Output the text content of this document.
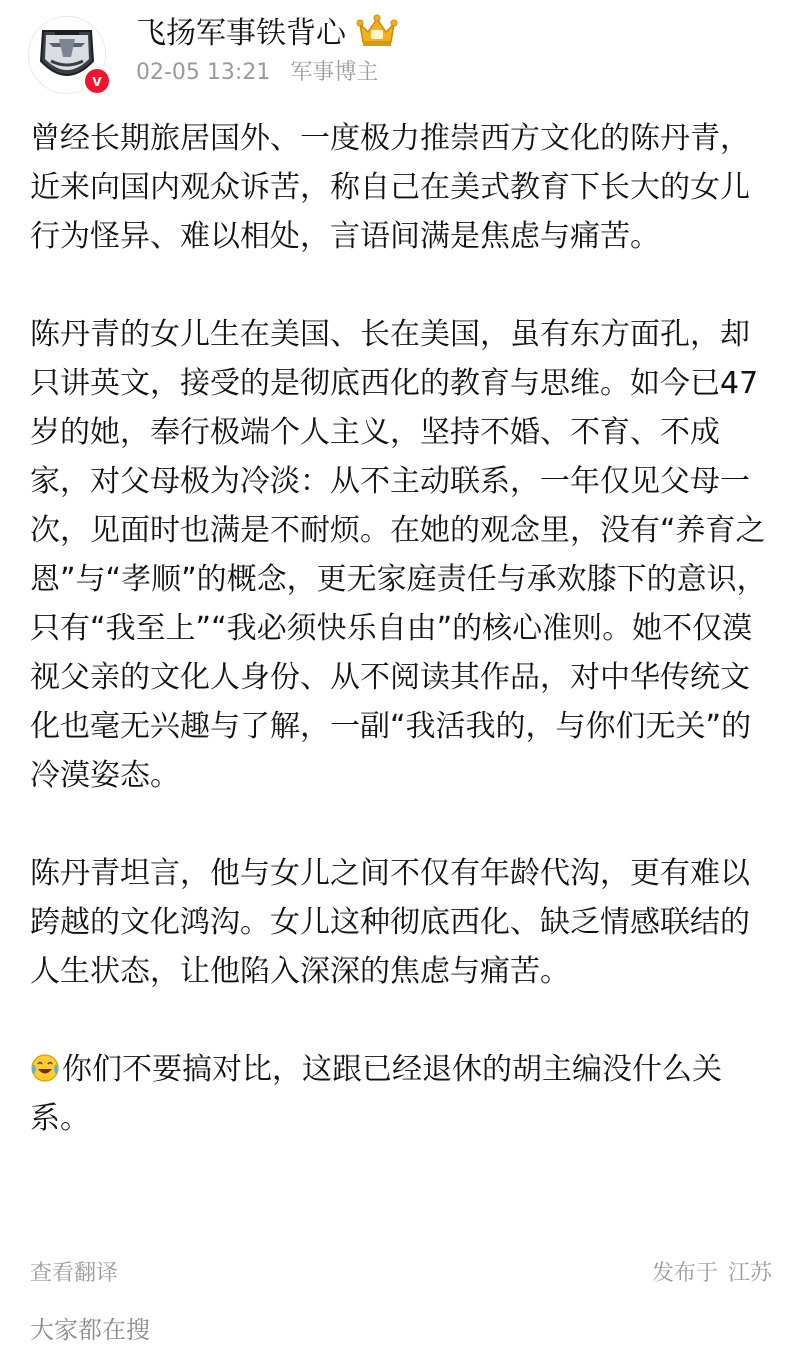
v
飞扬军事铁背心
02-05 13:21 军事博主

曾经长期旅居国外、一度极力推崇西方文化的陈丹青，近来向国内观众诉苦，称自己在美式教育下长大的女儿行为怪异、难以相处，言语间满是焦虑与痛苦。

陈丹青的女儿生在美国、长在美国，虽有东方面孔，却只讲英文，接受的是彻底西化的教育与思维。如今已47岁的她，奉行极端个人主义，坚持不婚、不育、不成家，对父母极为冷淡：从不主动联系，一年仅见父母一次，见面时也满是不耐烦。在她的观念里，没有“养育之恩”与“孝顺”的概念，更无家庭责任与承欢膝下的意识，只有“我至上”“我必须快乐自由”的核心准则。她不仅漠视父亲的文化人身份、从不阅读其作品，对中华传统文化也毫无兴趣与了解，一副“我活我的，与你们无关”的冷漠姿态。

陈丹青坦言，他与女儿之间不仅有年龄代沟，更有难以跨越的文化鸿沟。女儿这种彻底西化、缺乏情感联结的人生状态，让他陷入深深的焦虑与痛苦。

你们不要搞对比，这跟已经退休的胡主编没什么关系。

查看翻译	发布于 江苏
大家都在搜
